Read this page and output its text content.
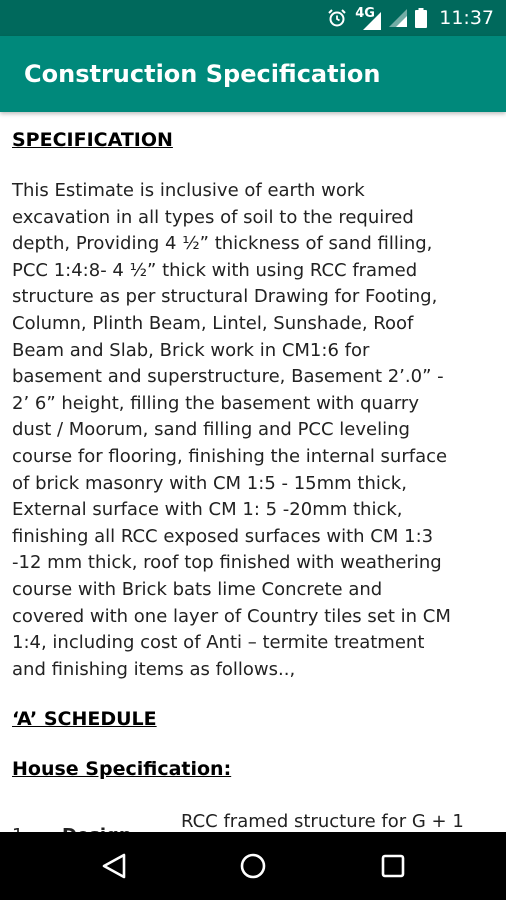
4G	11:37
Construction Specification
SPECIFICATION

This Estimate is inclusive of earth work
excavation in all types of soil to the required
depth, Providing 4 ½” thickness of sand filling,
PCC 1:4:8- 4 ½” thick with using RCC framed
structure as per structural Drawing for Footing,
Column, Plinth Beam, Lintel, Sunshade, Roof
Beam and Slab, Brick work in CM1:6 for
basement and superstructure, Basement 2’.0” -
2’ 6” height, filling the basement with quarry
dust / Moorum, sand filling and PCC leveling
course for flooring, finishing the internal surface
of brick masonry with CM 1:5 - 15mm thick,
External surface with CM 1: 5 -20mm thick,
finishing all RCC exposed surfaces with CM 1:3
-12 mm thick, roof top finished with weathering
course with Brick bats lime Concrete and
covered with one layer of Country tiles set in CM
1:4, including cost of Anti – termite treatment
and finishing items as follows..,

‘A’ SCHEDULE
House Specification:
RCC framed structure for G + 1
